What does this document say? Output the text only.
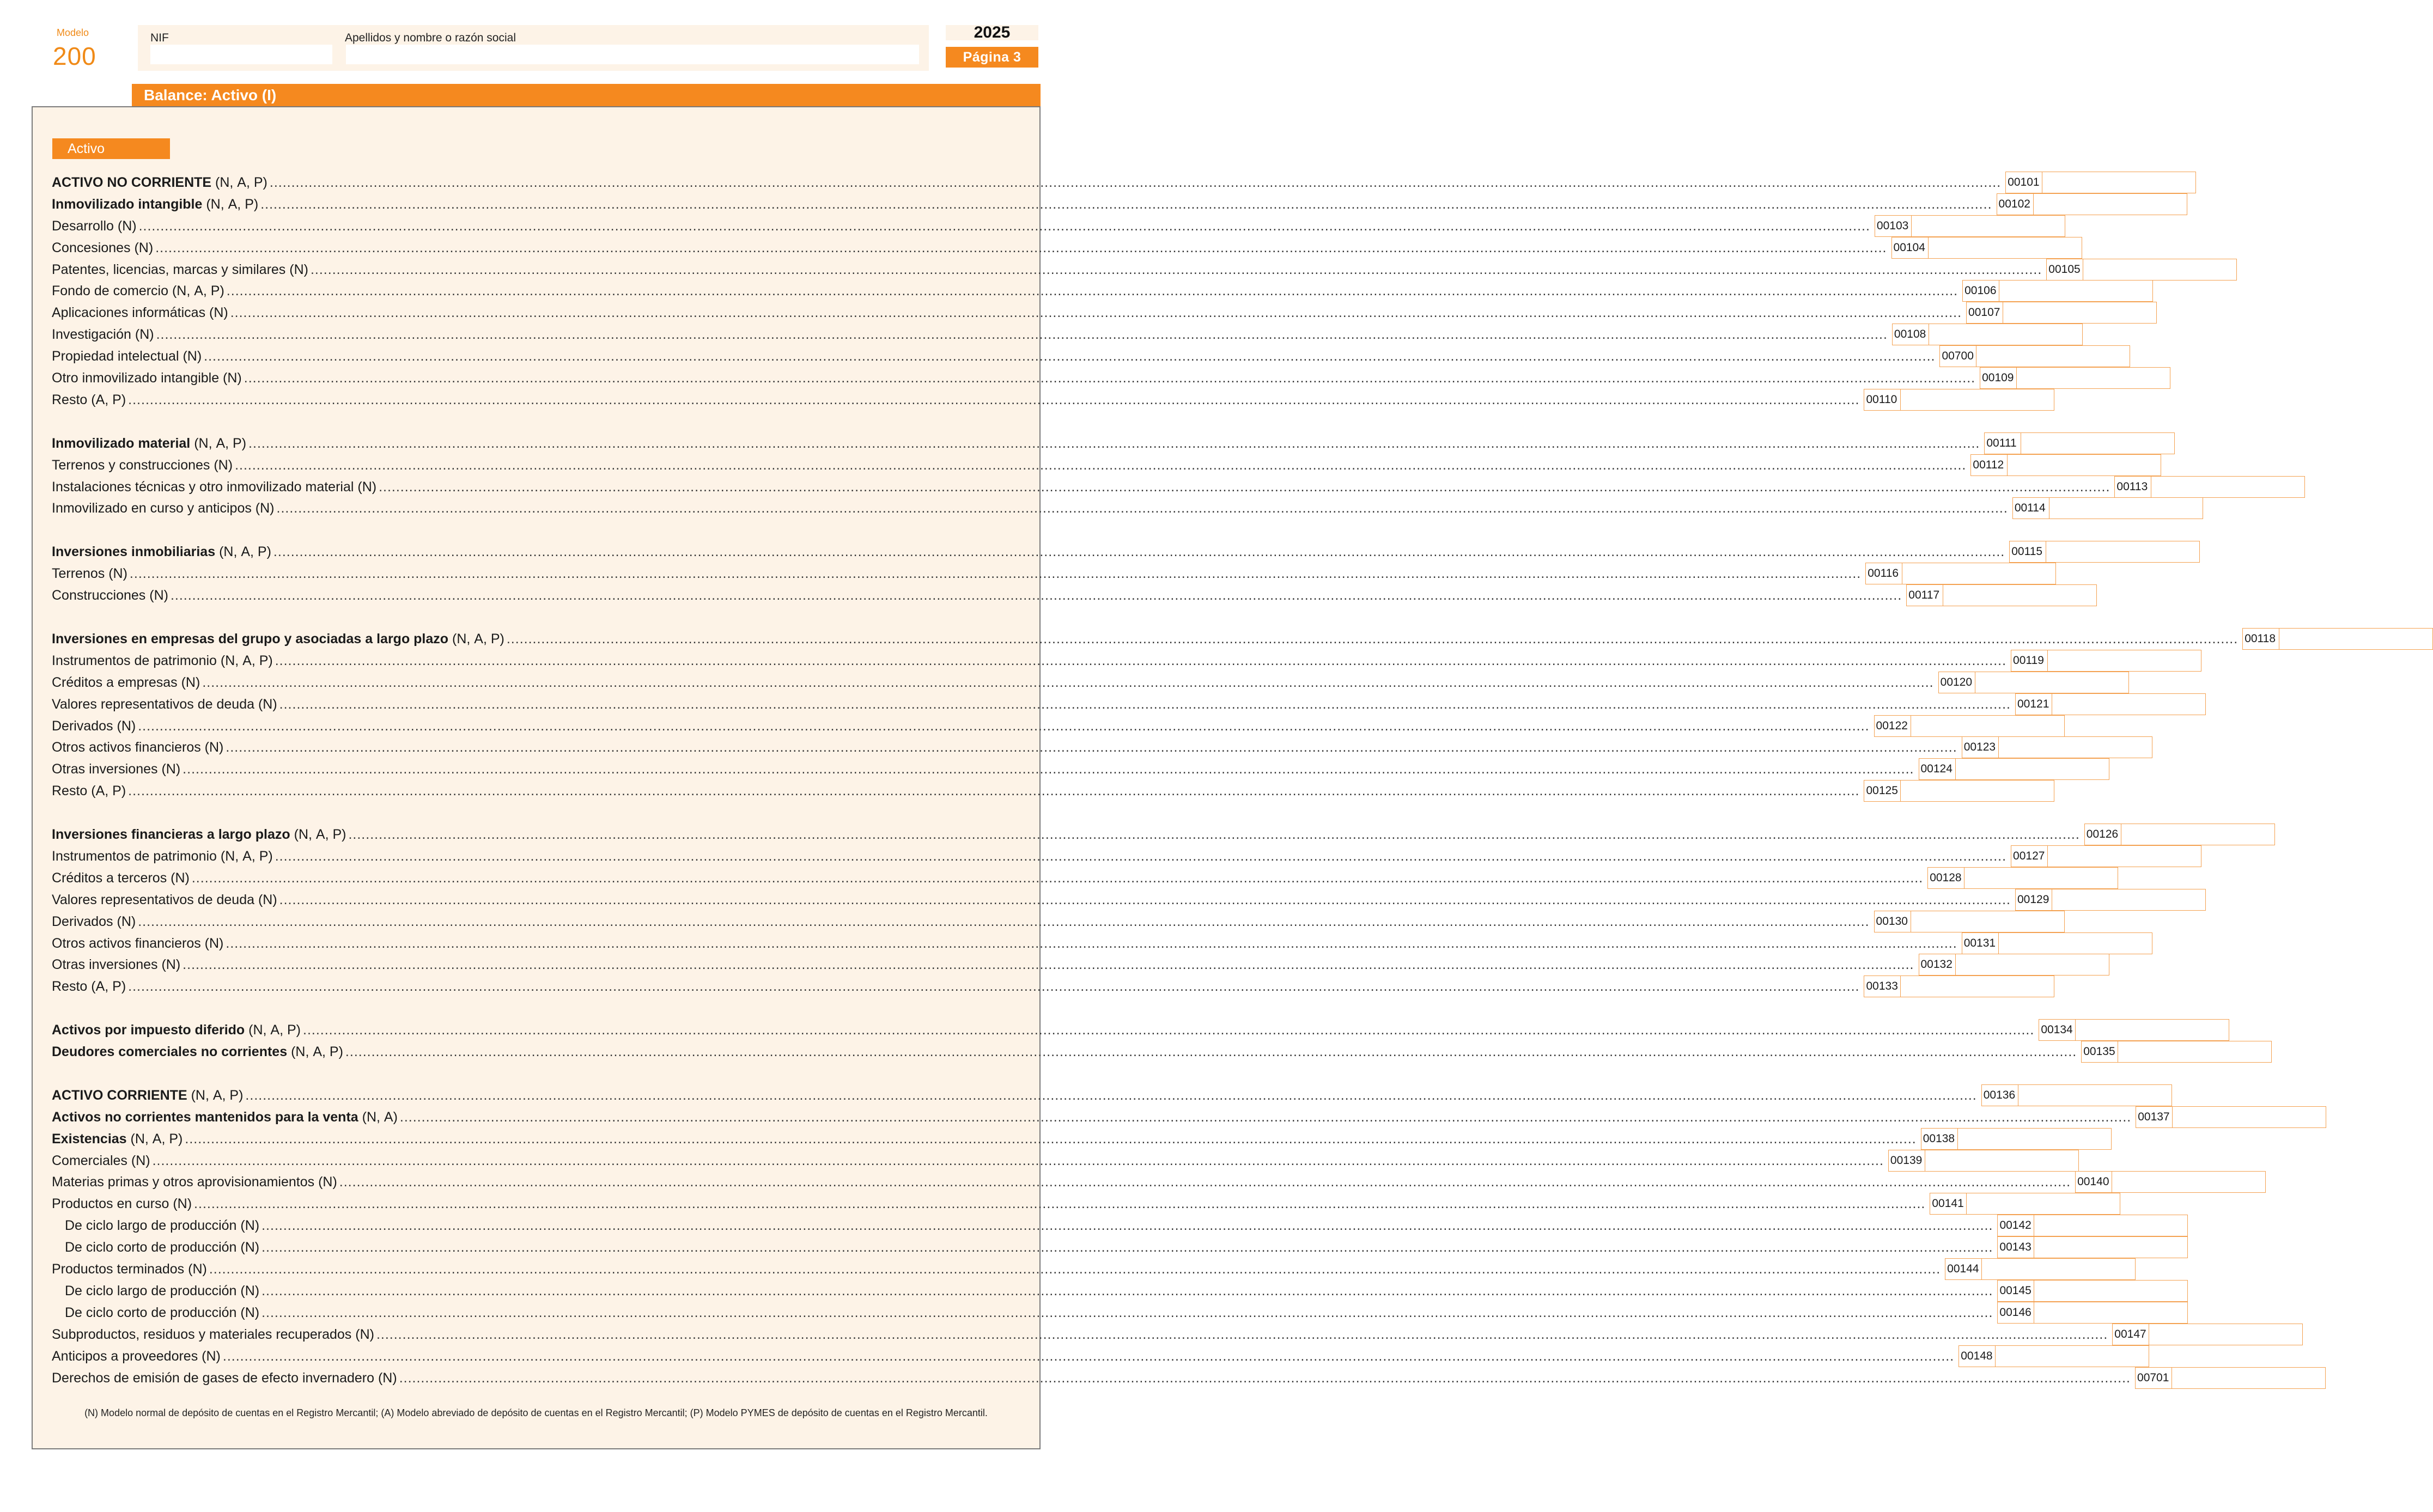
Modelo
200
NIF	Apellidos y nombre o razón social	2025
Página 3
Balance: Activo (I)
Activo
ACTIVO NO CORRIENTE (N, A, P) ................................................................................................................................................................................................................................................................................................................................................................................................................ 00101
Inmovilizado intangible (N, A, P) ................................................................................................................................................................................................................................................................................................................................................................................................................ 00102
Desarrollo (N) ................................................................................................................................................................................................................................................................................................................................................................................................................ 00103
Concesiones (N) ................................................................................................................................................................................................................................................................................................................................................................................................................ 00104
Patentes, licencias, marcas y similares (N) ................................................................................................................................................................................................................................................................................................................................................................................................................ 00105
Fondo de comercio (N, A, P) ................................................................................................................................................................................................................................................................................................................................................................................................................ 00106
Aplicaciones informáticas (N) ................................................................................................................................................................................................................................................................................................................................................................................................................ 00107
Investigación (N) ................................................................................................................................................................................................................................................................................................................................................................................................................ 00108
Propiedad intelectual (N) ................................................................................................................................................................................................................................................................................................................................................................................................................ 00700
Otro inmovilizado intangible (N) ................................................................................................................................................................................................................................................................................................................................................................................................................ 00109
Resto (A, P) ................................................................................................................................................................................................................................................................................................................................................................................................................ 00110
Inmovilizado material (N, A, P) ................................................................................................................................................................................................................................................................................................................................................................................................................ 00111
Terrenos y construcciones (N) ................................................................................................................................................................................................................................................................................................................................................................................................................ 00112
Instalaciones técnicas y otro inmovilizado material (N) ................................................................................................................................................................................................................................................................................................................................................................................................................ 00113
Inmovilizado en curso y anticipos (N) ................................................................................................................................................................................................................................................................................................................................................................................................................ 00114
Inversiones inmobiliarias (N, A, P) ................................................................................................................................................................................................................................................................................................................................................................................................................ 00115
Terrenos (N) ................................................................................................................................................................................................................................................................................................................................................................................................................ 00116
Construcciones (N) ................................................................................................................................................................................................................................................................................................................................................................................................................ 00117
Inversiones en empresas del grupo y asociadas a largo plazo (N, A, P) ................................................................................................................................................................................................................................................................................................................................................................................................................ 00118
Instrumentos de patrimonio (N, A, P) ................................................................................................................................................................................................................................................................................................................................................................................................................ 00119
Créditos a empresas (N) ................................................................................................................................................................................................................................................................................................................................................................................................................ 00120
Valores representativos de deuda (N) ................................................................................................................................................................................................................................................................................................................................................................................................................ 00121
Derivados (N) ................................................................................................................................................................................................................................................................................................................................................................................................................ 00122
Otros activos financieros (N) ................................................................................................................................................................................................................................................................................................................................................................................................................ 00123
Otras inversiones (N) ................................................................................................................................................................................................................................................................................................................................................................................................................ 00124
Resto (A, P) ................................................................................................................................................................................................................................................................................................................................................................................................................ 00125
Inversiones financieras a largo plazo (N, A, P) ................................................................................................................................................................................................................................................................................................................................................................................................................ 00126
Instrumentos de patrimonio (N, A, P) ................................................................................................................................................................................................................................................................................................................................................................................................................ 00127
Créditos a terceros (N) ................................................................................................................................................................................................................................................................................................................................................................................................................ 00128
Valores representativos de deuda (N) ................................................................................................................................................................................................................................................................................................................................................................................................................ 00129
Derivados (N) ................................................................................................................................................................................................................................................................................................................................................................................................................ 00130
Otros activos financieros (N) ................................................................................................................................................................................................................................................................................................................................................................................................................ 00131
Otras inversiones (N) ................................................................................................................................................................................................................................................................................................................................................................................................................ 00132
Resto (A, P) ................................................................................................................................................................................................................................................................................................................................................................................................................ 00133
Activos por impuesto diferido (N, A, P) ................................................................................................................................................................................................................................................................................................................................................................................................................ 00134
Deudores comerciales no corrientes (N, A, P) ................................................................................................................................................................................................................................................................................................................................................................................................................ 00135
ACTIVO CORRIENTE (N, A, P) ................................................................................................................................................................................................................................................................................................................................................................................................................ 00136
Activos no corrientes mantenidos para la venta (N, A) ................................................................................................................................................................................................................................................................................................................................................................................................................ 00137
Existencias (N, A, P) ................................................................................................................................................................................................................................................................................................................................................................................................................ 00138
Comerciales (N) ................................................................................................................................................................................................................................................................................................................................................................................................................ 00139
Materias primas y otros aprovisionamientos (N) ................................................................................................................................................................................................................................................................................................................................................................................................................ 00140
Productos en curso (N) ................................................................................................................................................................................................................................................................................................................................................................................................................ 00141
De ciclo largo de producción (N) ................................................................................................................................................................................................................................................................................................................................................................................................................ 00142
De ciclo corto de producción (N) ................................................................................................................................................................................................................................................................................................................................................................................................................ 00143
Productos terminados (N) ................................................................................................................................................................................................................................................................................................................................................................................................................ 00144
De ciclo largo de producción (N) ................................................................................................................................................................................................................................................................................................................................................................................................................ 00145
De ciclo corto de producción (N) ................................................................................................................................................................................................................................................................................................................................................................................................................ 00146
Subproductos, residuos y materiales recuperados (N) ................................................................................................................................................................................................................................................................................................................................................................................................................ 00147
Anticipos a proveedores (N) ................................................................................................................................................................................................................................................................................................................................................................................................................ 00148
Derechos de emisión de gases de efecto invernadero (N) ................................................................................................................................................................................................................................................................................................................................................................................................................ 00701
(N) Modelo normal de depósito de cuentas en el Registro Mercantil; (A) Modelo abreviado de depósito de cuentas en el Registro Mercantil; (P) Modelo PYMES de depósito de cuentas en el Registro Mercantil.
